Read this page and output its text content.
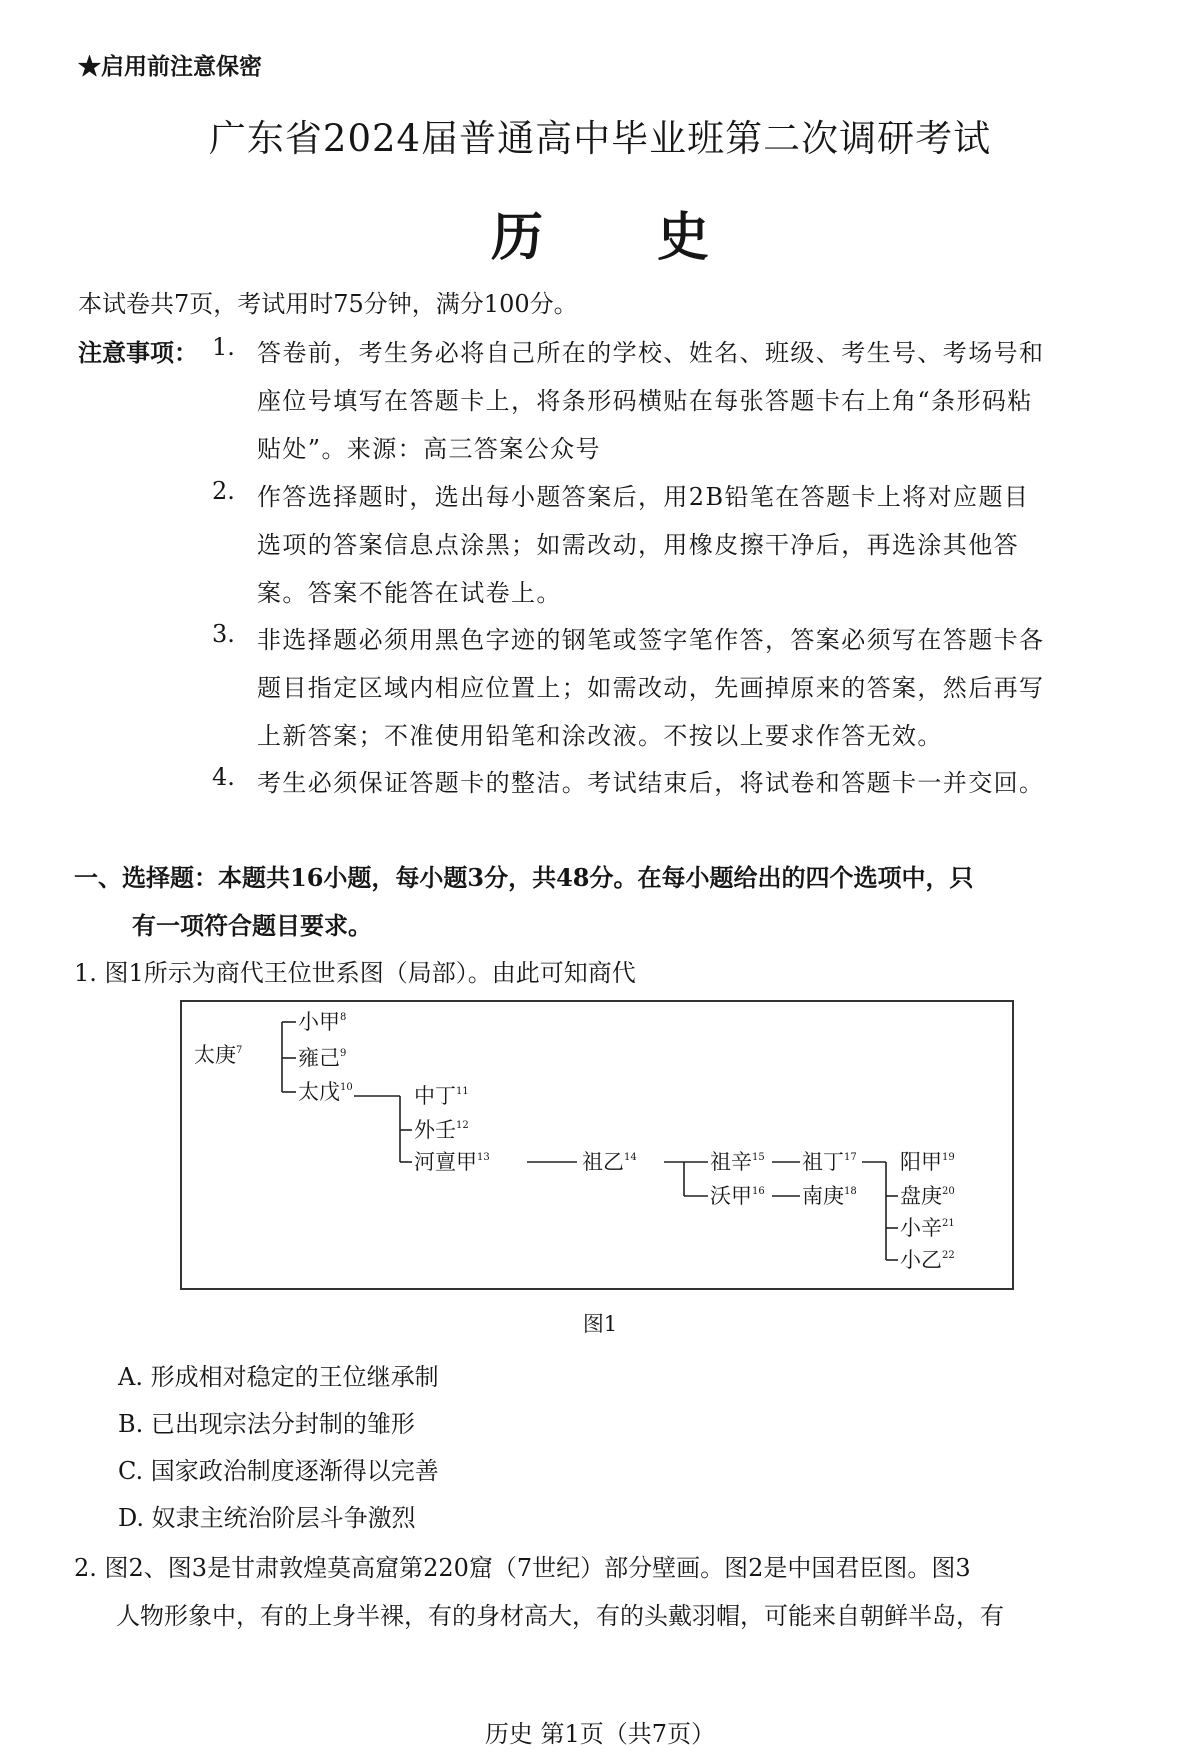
★启用前注意保密
广东省2024届普通高中毕业班第二次调研考试
历 史
本试卷共7页，考试用时75分钟，满分100分。
注意事项： 1. 答卷前，考生务必将自己所在的学校、姓名、班级、考生号、考场号和
座位号填写在答题卡上，将条形码横贴在每张答题卡右上角“条形码粘
贴处”。来源：高三答案公众号
2. 作答选择题时，选出每小题答案后，用2B铅笔在答题卡上将对应题目
选项的答案信息点涂黑；如需改动，用橡皮擦干净后，再选涂其他答
案。答案不能答在试卷上。
3. 非选择题必须用黑色字迹的钢笔或签字笔作答，答案必须写在答题卡各
题目指定区域内相应位置上；如需改动，先画掉原来的答案，然后再写
上新答案；不准使用铅笔和涂改液。不按以上要求作答无效。
4. 考生必须保证答题卡的整洁。考试结束后，将试卷和答题卡一并交回。
一、选择题：本题共16小题，每小题3分，共48分。在每小题给出的四个选项中，只
有一项符合题目要求。
1. 图1所示为商代王位世系图（局部）。由此可知商代
太庚$^7$
小甲$^8$
雍己$^9$
太戊$^{10}$	中丁$^{11}$
外壬$^{12}$
河亶甲$^{13}$	祖乙$^{14}$	祖辛$^{15}$
沃甲$^{16}$
祖丁$^{17}$
南庚$^{18}$
阳甲$^{19}$
盘庚$^{20}$
小辛$^{21}$
小乙$^{22}$
图1
A. 形成相对稳定的王位继承制
B. 已出现宗法分封制的雏形
C. 国家政治制度逐渐得以完善
D. 奴隶主统治阶层斗争激烈
2. 图2、图3是甘肃敦煌莫高窟第220窟（7世纪）部分壁画。图2是中国君臣图。图3
人物形象中，有的上身半裸，有的身材高大，有的头戴羽帽，可能来自朝鲜半岛，有
历史 第1页（共7页）
